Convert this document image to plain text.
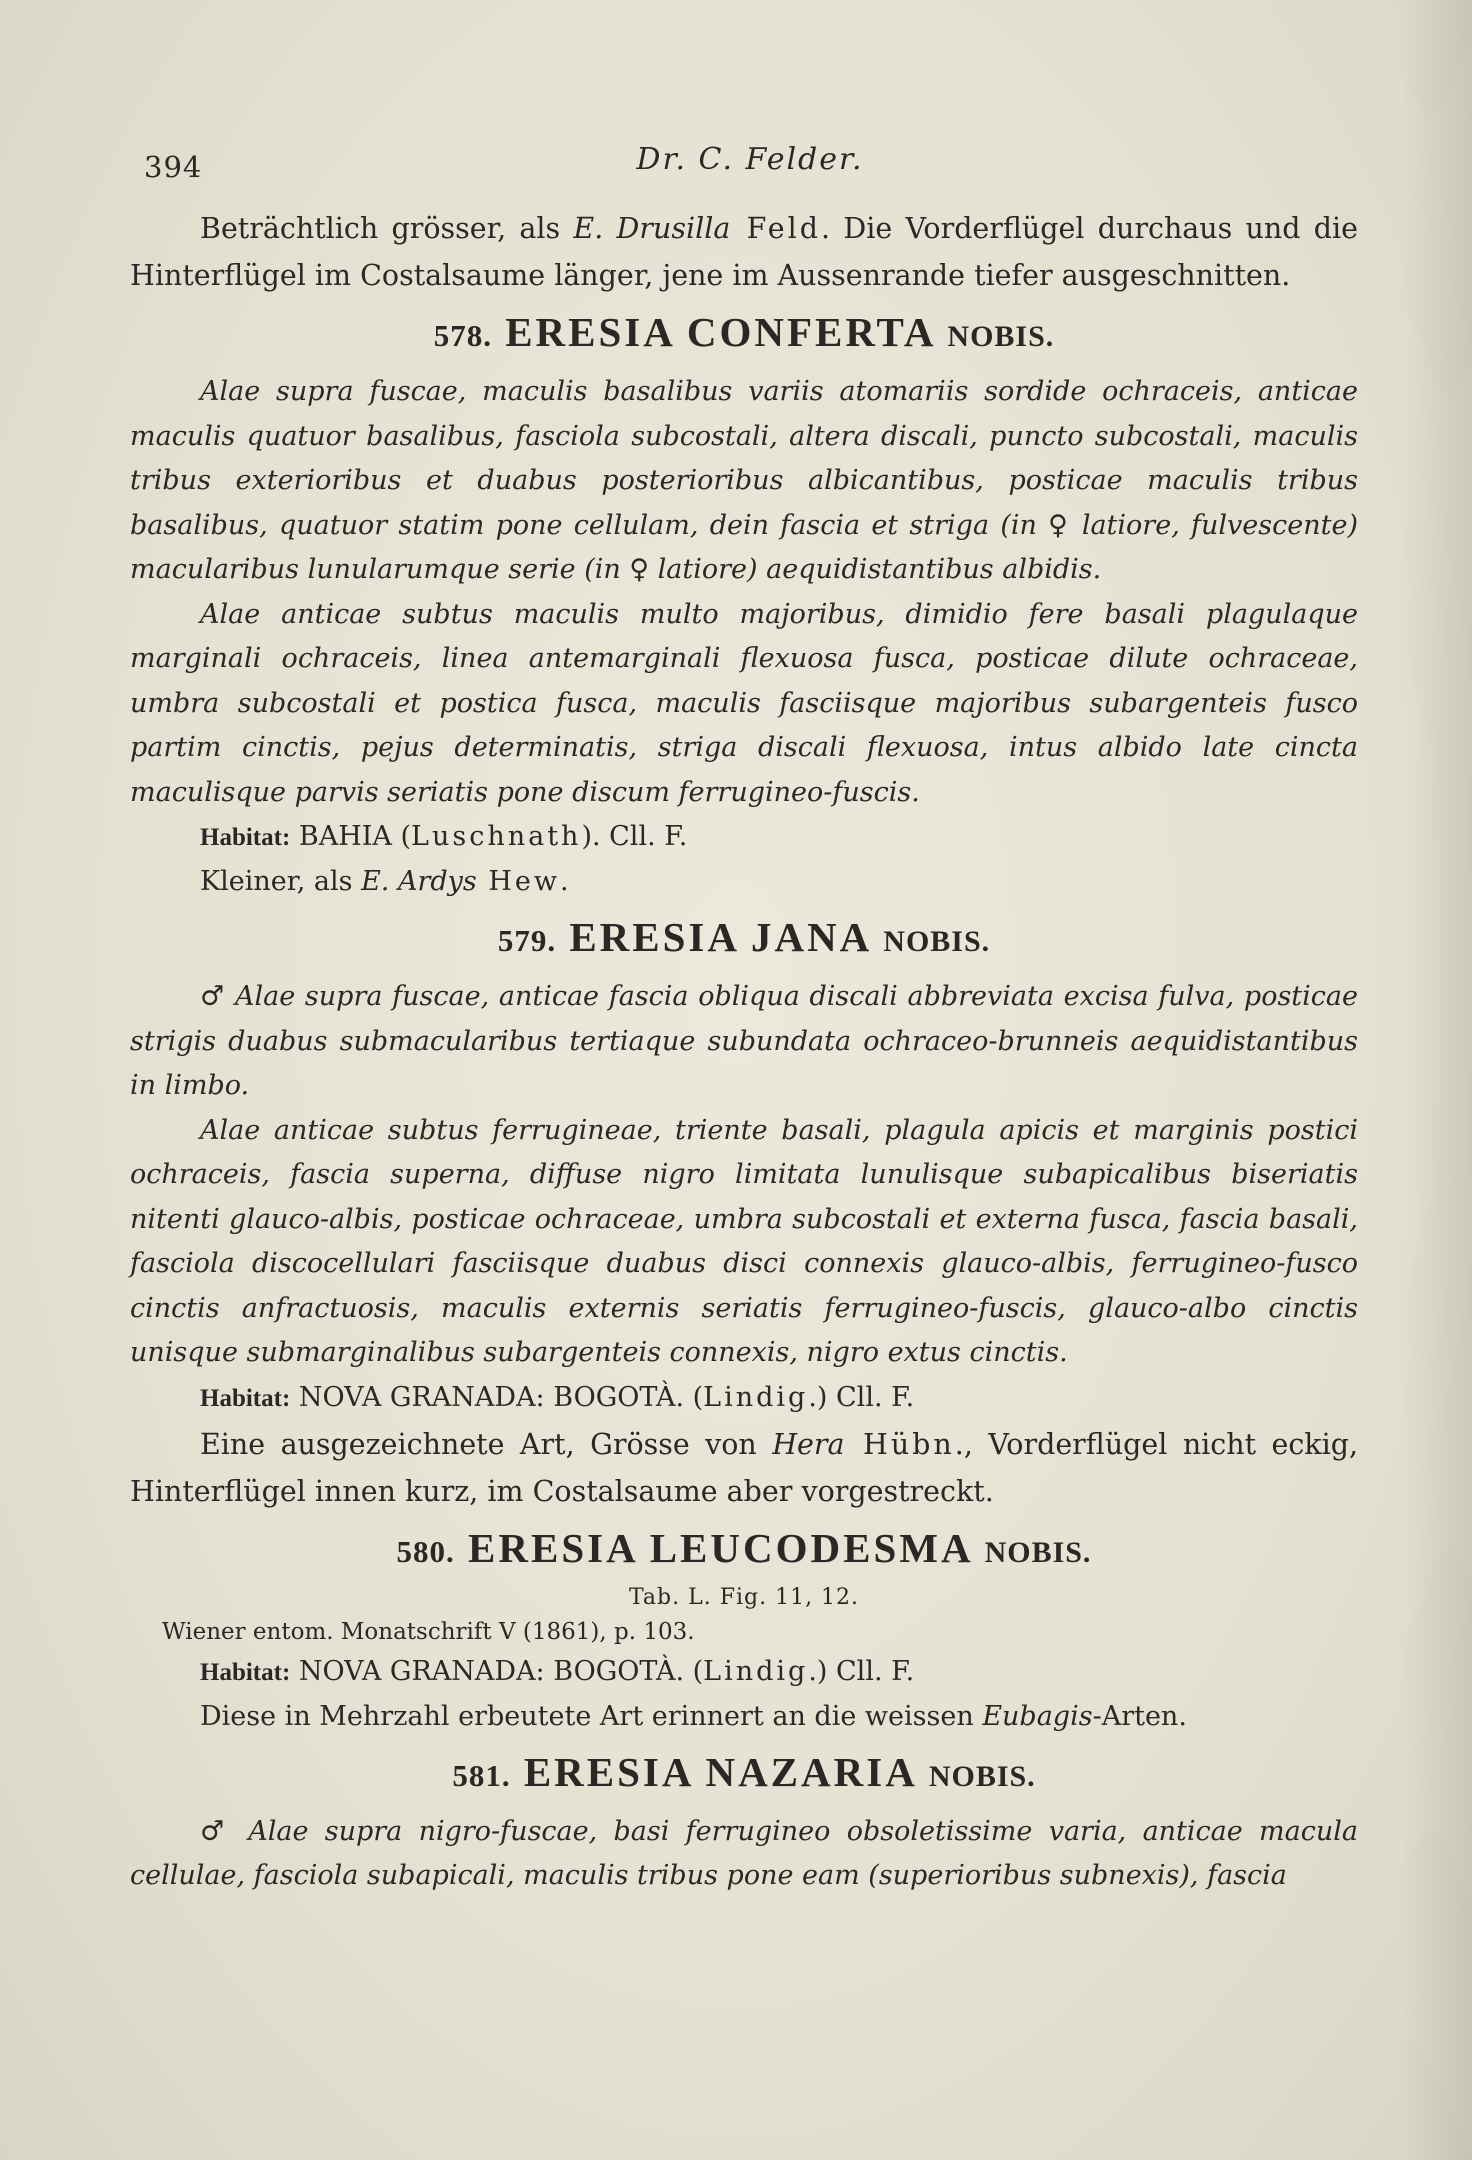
394	Dr. C. Felder.

Beträchtlich grösser, als E. Drusilla Feld. Die Vorderflügel durchaus und die Hinterflügel im Costalsaume länger, jene im Aussenrande tiefer ausgeschnitten.

578. ERESIA CONFERTA NOBIS.

Alae supra fuscae, maculis basalibus variis atomariis sordide ochraceis, anticae maculis quatuor basalibus, fasciola subcostali, altera discali, puncto subcostali, maculis tribus exterioribus et duabus posterioribus albicantibus, posticae maculis tribus basalibus, quatuor statim pone cellulam, dein fascia et striga (in ♀ latiore, fulvescente) macularibus lunularumque serie (in ♀ latiore) aequidistantibus albidis.

Alae anticae subtus maculis multo majoribus, dimidio fere basali plagulaque marginali ochraceis, linea antemarginali flexuosa fusca, posticae dilute ochraceae, umbra subcostali et postica fusca, maculis fasciisque majoribus subargenteis fusco partim cinctis, pejus determinatis, striga discali flexuosa, intus albido late cincta maculisque parvis seriatis pone discum ferrugineo-fuscis.

Habitat: BAHIA (Luschnath). Cll. F.

Kleiner, als E. Ardys Hew.

579. ERESIA JANA NOBIS.

♂ Alae supra fuscae, anticae fascia obliqua discali abbreviata excisa fulva, posticae strigis duabus submacularibus tertiaque subundata ochraceo-brunneis aequidistantibus in limbo.

Alae anticae subtus ferrugineae, triente basali, plagula apicis et marginis postici ochraceis, fascia superna, diffuse nigro limitata lunulisque subapicalibus biseriatis nitenti glauco-albis, posticae ochraceae, umbra subcostali et externa fusca, fascia basali, fasciola discocellulari fasciisque duabus disci connexis glauco-albis, ferrugineo-fusco cinctis anfractuosis, maculis externis seriatis ferrugineo-fuscis, glauco-albo cinctis unisque submarginalibus subargenteis connexis, nigro extus cinctis.

Habitat: NOVA GRANADA: BOGOTÀ. (Lindig.) Cll. F.

Eine ausgezeichnete Art, Grösse von Hera Hübn., Vorderflügel nicht eckig, Hinterflügel innen kurz, im Costalsaume aber vorgestreckt.

580. ERESIA LEUCODESMA NOBIS.

Tab. L. Fig. 11, 12.

Wiener entom. Monatschrift V (1861), p. 103.

Habitat: NOVA GRANADA: BOGOTÀ. (Lindig.) Cll. F.

Diese in Mehrzahl erbeutete Art erinnert an die weissen Eubagis-Arten.

581. ERESIA NAZARIA NOBIS.

♂ Alae supra nigro-fuscae, basi ferrugineo obsoletissime varia, anticae macula cellulae, fasciola subapicali, maculis tribus pone eam (superioribus subnexis), fascia
